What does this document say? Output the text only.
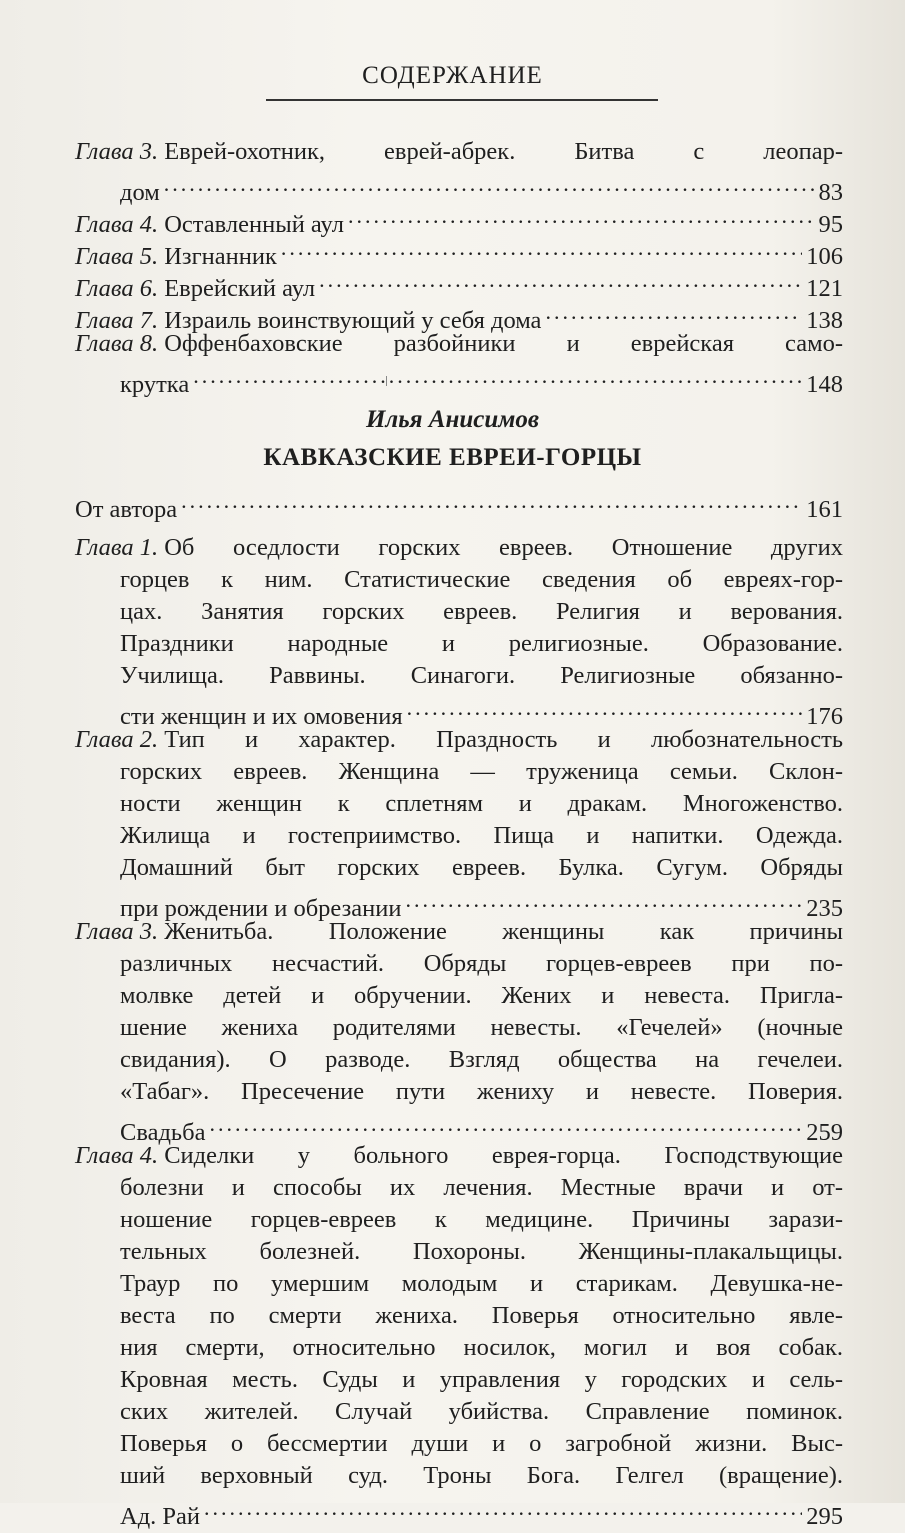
СОДЕРЖАНИЕ
Глава 3.
Еврей-охотник, еврей-абрек. Битва с леопар-
дом .....	83
Глава 4.
Оставленный аул .....	95
Глава 5.
Изгнанник .....	106
Глава 6.
Еврейский аул .....	121
Глава 7.
Израиль воинствующий у себя дома .....	138
Глава 8.
Оффенбаховские разбойники и еврейская само-
крутка .....	148
Илья Анисимов
КАВКАЗСКИЕ ЕВРЕИ-ГОРЦЫ
От автора .....	161
Глава 1.
Об оседлости горских евреев. Отношение других
горцев к ним. Статистические сведения об евреях-гор-
цах. Занятия горских евреев. Религия и верования.
Праздники народные и религиозные. Образование.
Училища. Раввины. Синагоги. Религиозные обязанно-
сти женщин и их омовения .....	176
Глава 2.
Тип и характер. Праздность и любознательность
горских евреев. Женщина — труженица семьи. Склон-
ности женщин к сплетням и дракам. Многоженство.
Жилища и гостеприимство. Пища и напитки. Одежда.
Домашний быт горских евреев. Булка. Сугум. Обряды
при рождении и обрезании .....	235
Глава 3.
Женитьба. Положение женщины как причины
различных несчастий. Обряды горцев-евреев при по-
молвке детей и обручении. Жених и невеста. Пригла-
шение жениха родителями невесты. «Гечелей» (ночные
свидания). О разводе. Взгляд общества на гечелеи.
«Табаг». Пресечение пути жениху и невесте. Поверия.
Свадьба .....	259
Глава 4.
Сиделки у больного еврея-горца. Господствующие
болезни и способы их лечения. Местные врачи и от-
ношение горцев-евреев к медицине. Причины зарази-
тельных болезней. Похороны. Женщины-плакальщицы.
Траур по умершим молодым и старикам. Девушка-не-
веста по смерти жениха. Поверья относительно явле-
ния смерти, относительно носилок, могил и воя собак.
Кровная месть. Суды и управления у городских и сель-
ских жителей. Случай убийства. Справление поминок.
Поверья о бессмертии души и о загробной жизни. Выс-
ший верховный суд. Троны Бога. Гелгел (вращение).
Ад. Рай .....	295
